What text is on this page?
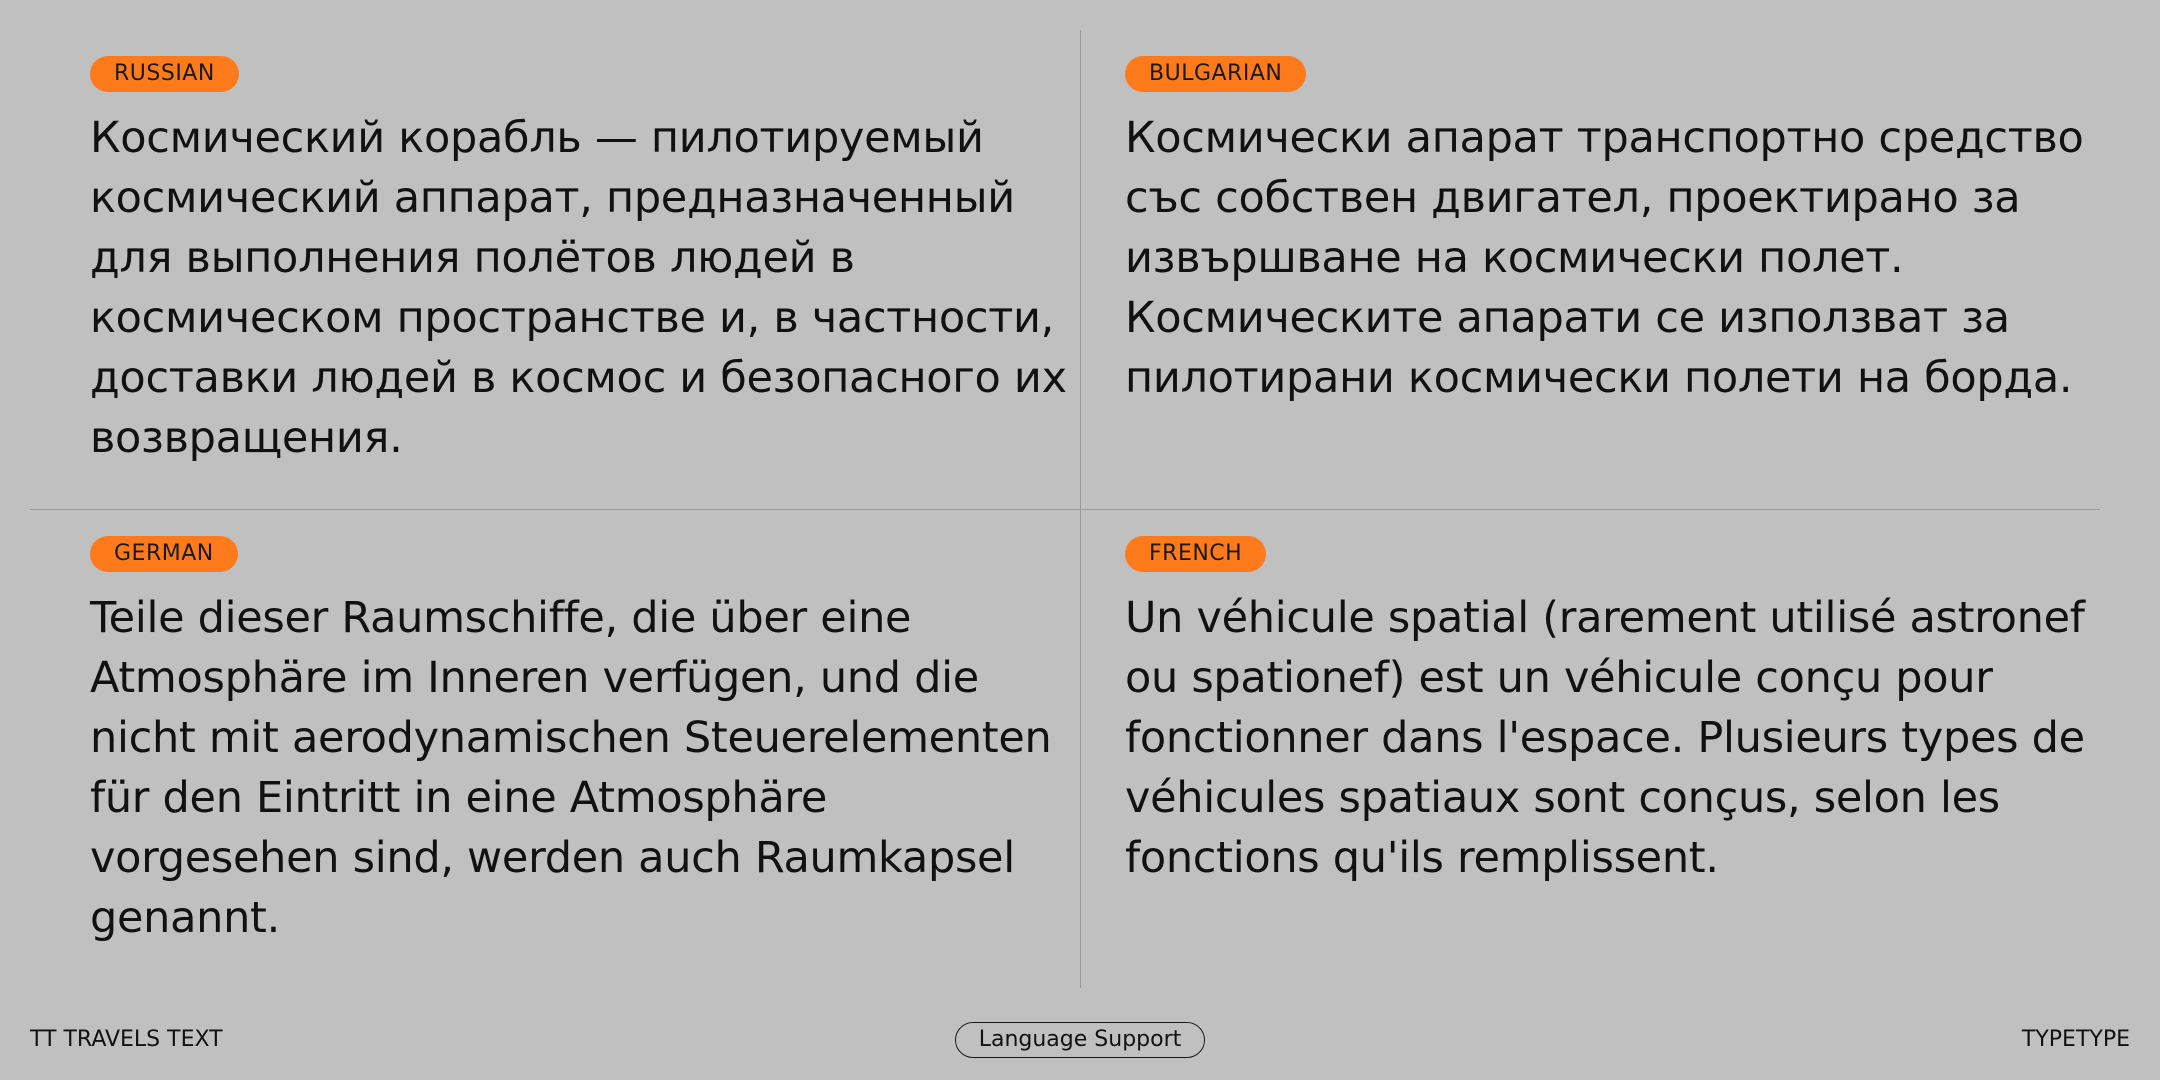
RUSSIAN

Космический корабль — пилотируемый космический аппарат, предназначенный для выполнения полётов людей в космическом пространстве и, в частности, доставки людей в космос и безопасного их возвращения.

BULGARIAN

Космически апарат транспортно средство със собствен двигател, проектирано за извършване на космически полет. Космическите апарати се използват за пилотирани космически полети на борда.

GERMAN

Teile dieser Raumschiffe, die über eine Atmosphäre im Inneren verfügen, und die nicht mit aerodynamischen Steuerelementen für den Eintritt in eine Atmosphäre vorgesehen sind, werden auch Raumkapsel genannt.

FRENCH

Un véhicule spatial (rarement utilisé astronef ou spationef) est un véhicule conçu pour fonctionner dans l'espace. Plusieurs types de véhicules spatiaux sont conçus, selon les fonctions qu'ils remplissent.

TT TRAVELS TEXT	Language Support	TYPETYPE
